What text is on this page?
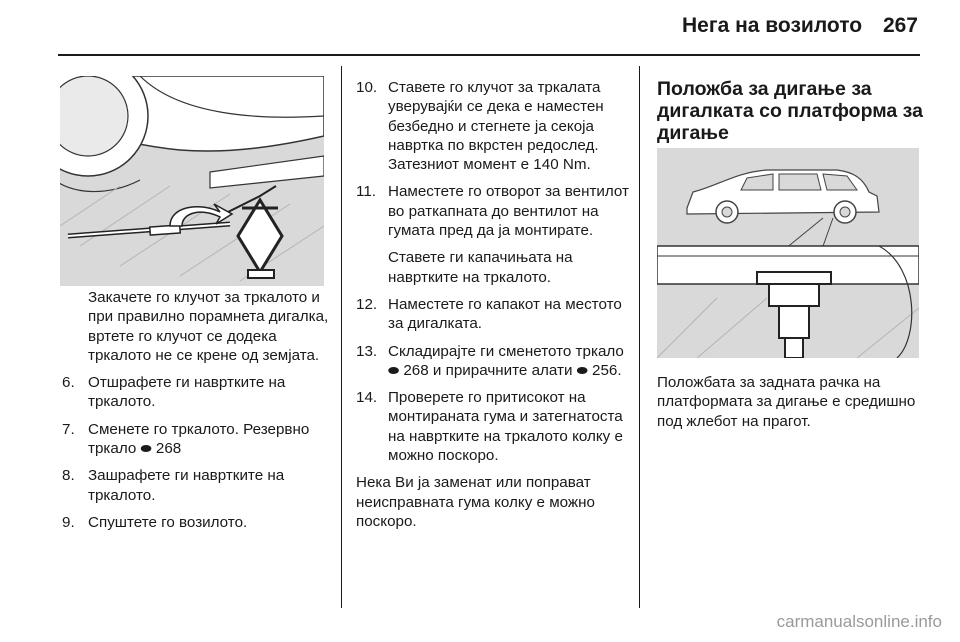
Нега на возилото 267

Закачете го клучот за тркалото и при правилно порамнета дигалка, вртете го клучот се додека тркалото не се крене од земјата.

6. Отшрафете ги навртките на тркалото.

7. Сменете го тркалото. Резервно тркало ⬬ 268

8. Зашрафете ги навртките на тркалото.

9. Спуштете го возилото.

10. Ставете го клучот за тркалата уверувајќи се дека е наместен безбедно и стегнете ја секоја навртка по вкрстен редослед. Затезниот момент е 140 Nm.

11. Наместете го отворот за вентилот во раткапната до вентилот на гумата пред да ја монтирате.

Ставете ги капачињата на навртките на тркалото.

12. Наместете го капакот на местото за дигалката.

13. Складирајте ги сменетото тркало ⬬ 268 и прирачните алати ⬬ 256.

14. Проверете го притисокот на монтираната гума и затегнатоста на навртките на тркалото колку е можно поскоро.

Нека Ви ја заменат или поправат неисправната гума колку е можно поскоро.

Положба за дигање за дигалката со платформа за дигање

Положбата за задната рачка на платформата за дигање е средишно под жлебот на прагот.

carmanualsonline.info
